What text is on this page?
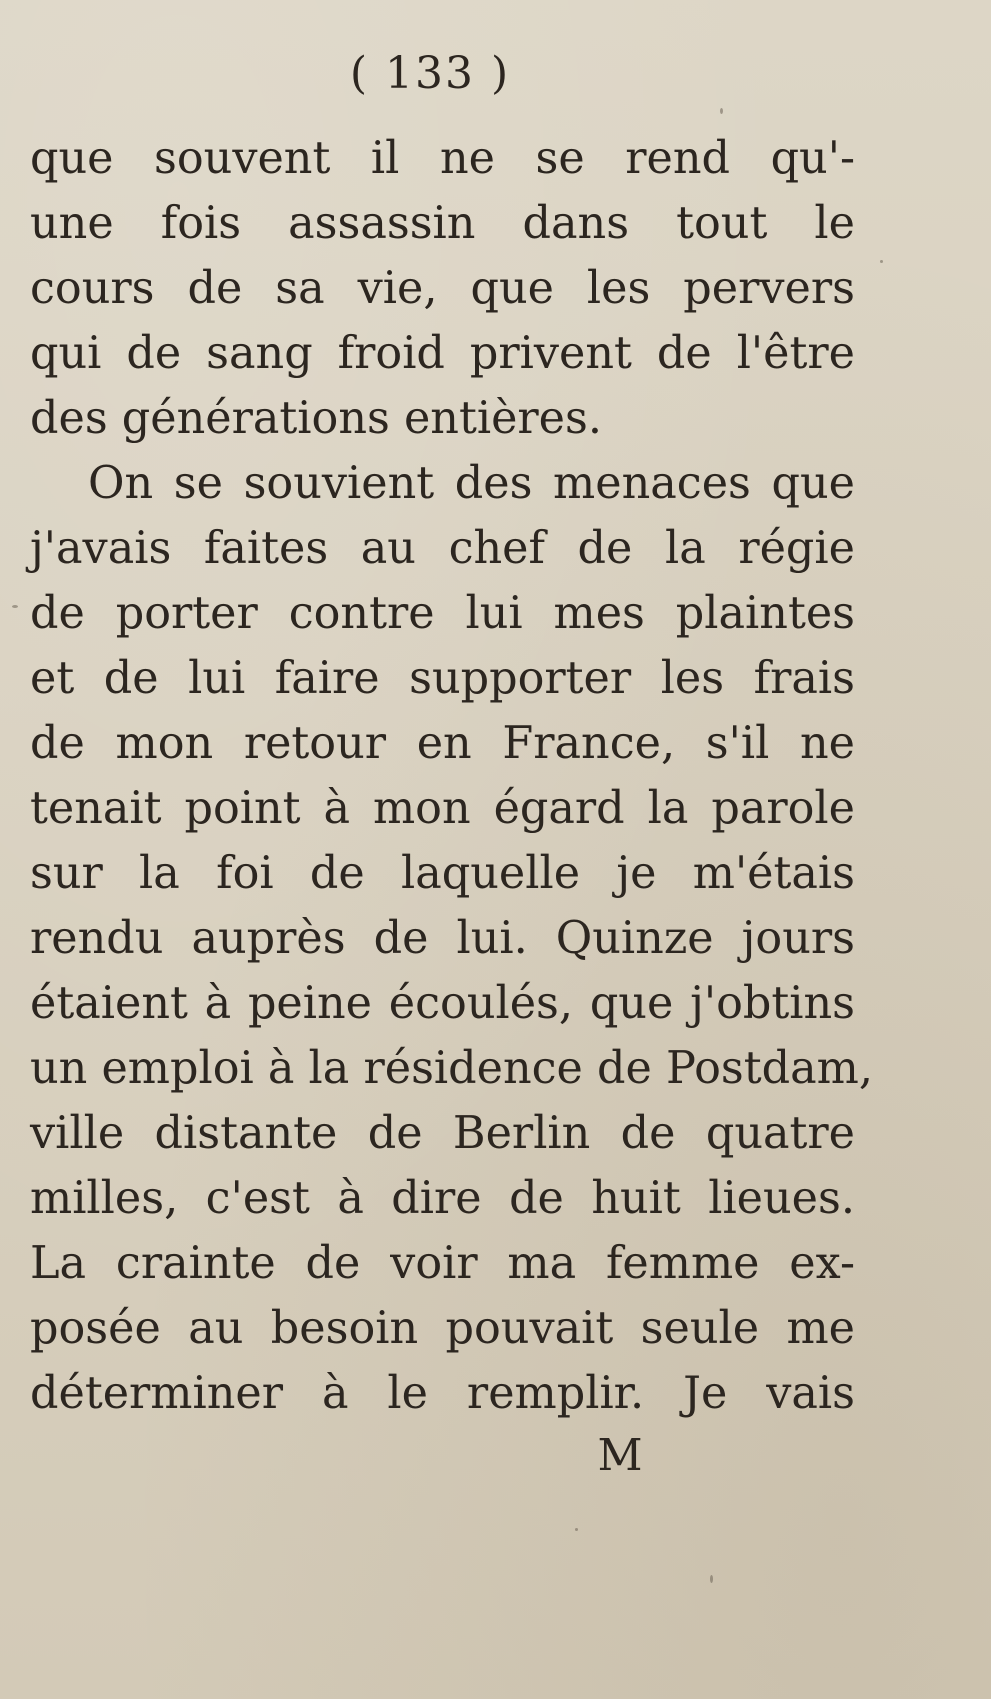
( 133 )
que souvent il ne se rend qu'-
une fois assassin dans tout le
cours de sa vie, que les pervers
qui de sang froid privent de l'être
des générations entières.
On se souvient des menaces que
j'avais faites au chef de la régie
de porter contre lui mes plaintes
et de lui faire supporter les frais
de mon retour en France, s'il ne
tenait point à mon égard la parole
sur la foi de laquelle je m'étais
rendu auprès de lui. Quinze jours
étaient à peine écoulés, que j'obtins
un emploi à la résidence de Postdam,
ville distante de Berlin de quatre
milles, c'est à dire de huit lieues.
La crainte de voir ma femme ex-
posée au besoin pouvait seule me
déterminer à le remplir. Je vais
M
